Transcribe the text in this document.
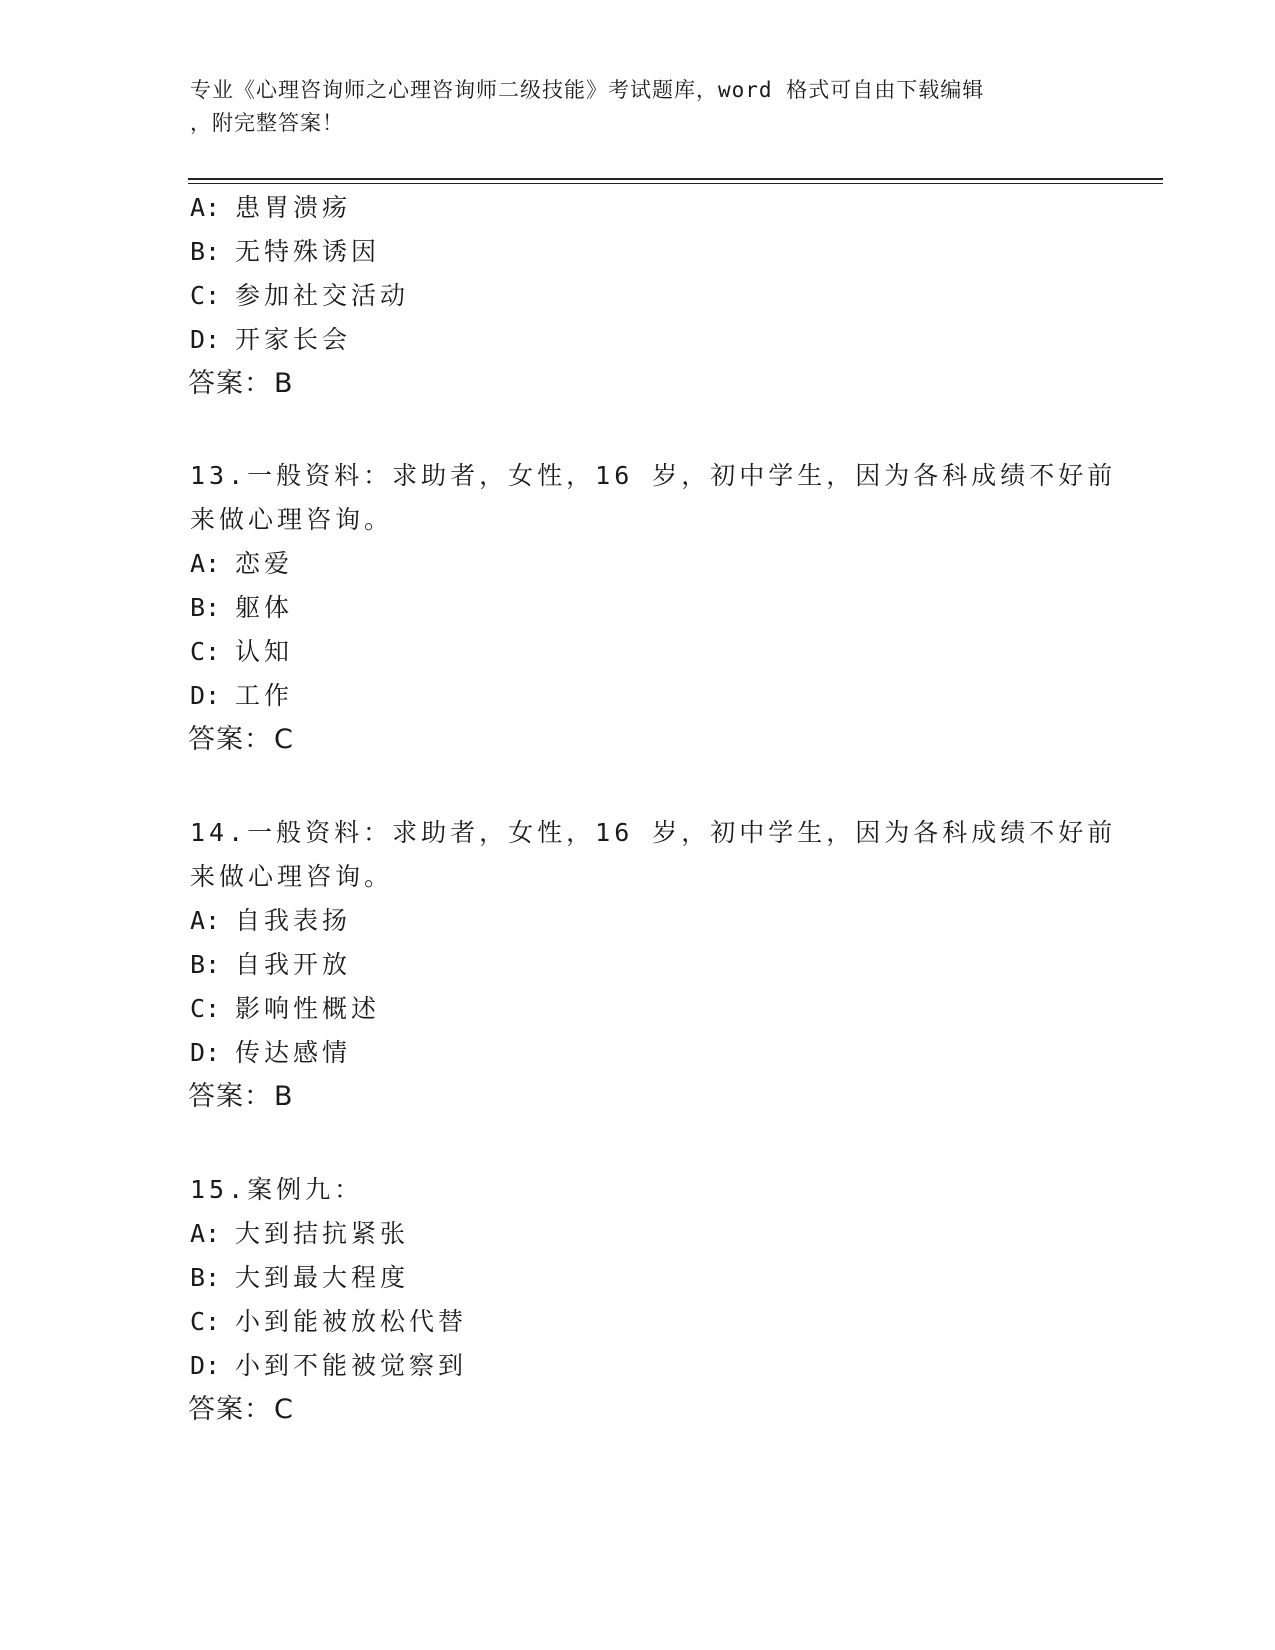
专业《心理咨询师之心理咨询师二级技能》考试题库，word 格式可自由下载编辑
，附完整答案！
A: 患胃溃疡
B: 无特殊诱因
C: 参加社交活动
D: 开家长会
答案：B
13.一般资料：求助者，女性，16 岁，初中学生，因为各科成绩不好前
来做心理咨询。
A: 恋爱
B: 躯体
C: 认知
D: 工作
答案：C
14.一般资料：求助者，女性，16 岁，初中学生，因为各科成绩不好前
来做心理咨询。
A: 自我表扬
B: 自我开放
C: 影响性概述
D: 传达感情
答案：B
15.案例九：
A: 大到拮抗紧张
B: 大到最大程度
C: 小到能被放松代替
D: 小到不能被觉察到
答案：C
